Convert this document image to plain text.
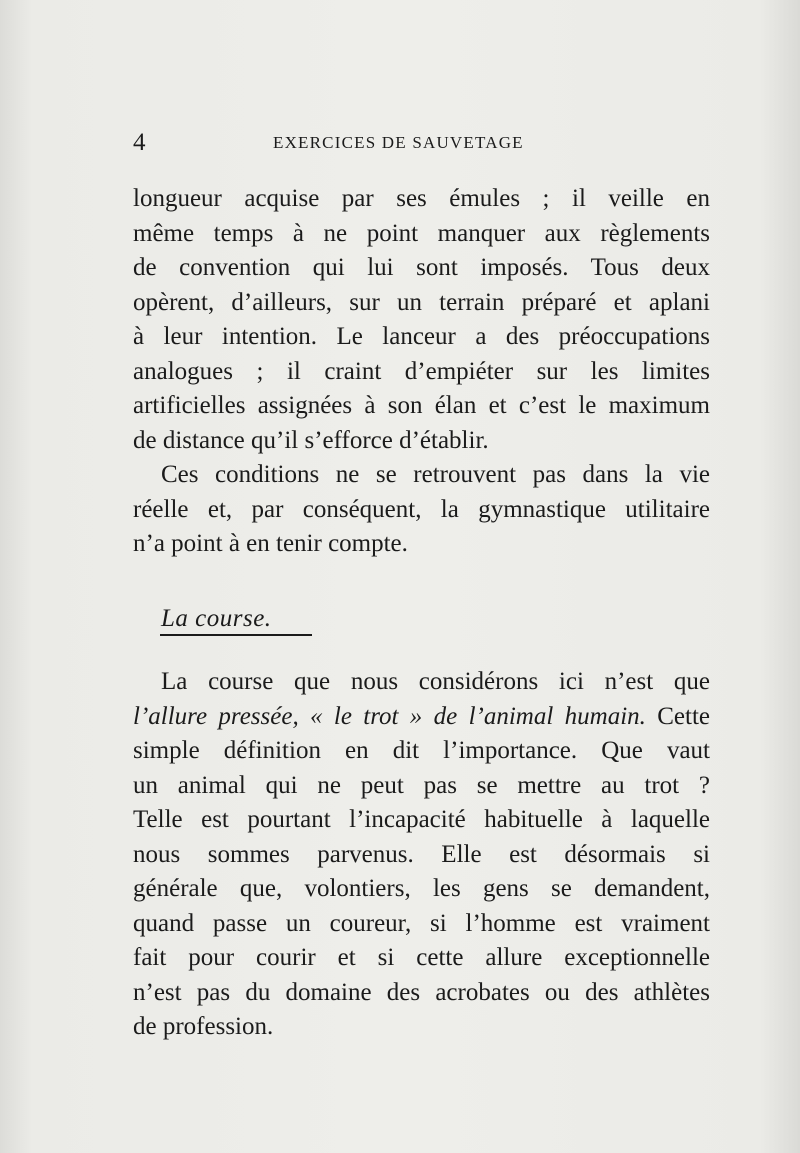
4	EXERCICES DE SAUVETAGE
longueur acquise par ses émules ; il veille en
même temps à ne point manquer aux règlements
de convention qui lui sont imposés. Tous deux
opèrent, d’ailleurs, sur un terrain préparé et aplani
à leur intention. Le lanceur a des préoccupations
analogues ; il craint d’empiéter sur les limites
artificielles assignées à son élan et c’est le maximum
de distance qu’il s’efforce d’établir.
Ces conditions ne se retrouvent pas dans la vie
réelle et, par conséquent, la gymnastique utilitaire
n’a point à en tenir compte.
La course.
La course que nous considérons ici n’est que
l’allure pressée, « le trot » de l’animal humain. Cette
simple définition en dit l’importance. Que vaut
un animal qui ne peut pas se mettre au trot ?
Telle est pourtant l’incapacité habituelle à laquelle
nous sommes parvenus. Elle est désormais si
générale que, volontiers, les gens se demandent,
quand passe un coureur, si l’homme est vraiment
fait pour courir et si cette allure exceptionnelle
n’est pas du domaine des acrobates ou des athlètes
de profession.
